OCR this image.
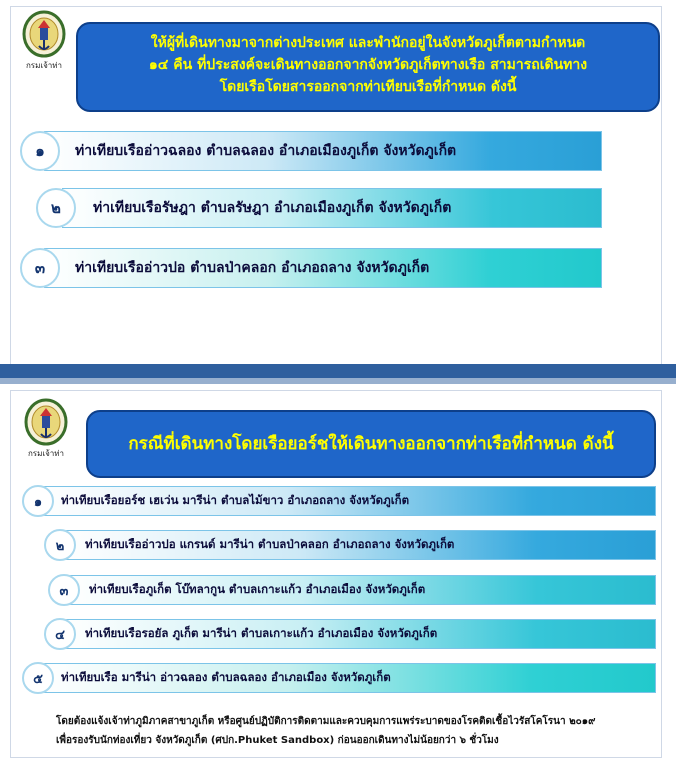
กรมเจ้าท่า
ให้ผู้ที่เดินทางมาจากต่างประเทศ และพำนักอยู่ในจังหวัดภูเก็ตตามกำหนด
๑๔ คืน ที่ประสงค์จะเดินทางออกจากจังหวัดภูเก็ตทางเรือ สามารถเดินทาง
โดยเรือโดยสารออกจากท่าเทียบเรือที่กำหนด ดังนี้
ท่าเทียบเรืออ่าวฉลอง ตำบลฉลอง อำเภอเมืองภูเก็ต จังหวัดภูเก็ต
๑
ท่าเทียบเรือรัษฎา ตำบลรัษฎา อำเภอเมืองภูเก็ต จังหวัดภูเก็ต
๒
ท่าเทียบเรืออ่าวปอ ตำบลป่าคลอก อำเภอถลาง จังหวัดภูเก็ต
๓
กรมเจ้าท่า	กรณีที่เดินทางโดยเรือยอร์ชให้เดินทางออกจากท่าเรือที่กำหนด ดังนี้
ท่าเทียบเรือยอร์ช เฮเว่น มารีน่า ตำบลไม้ขาว อำเภอถลาง จังหวัดภูเก็ต
๑
ท่าเทียบเรืออ่าวปอ แกรนด์ มารีน่า ตำบลป่าคลอก อำเภอถลาง จังหวัดภูเก็ต
๒
ท่าเทียบเรือภูเก็ต โบ๊ทลากูน ตำบลเกาะแก้ว อำเภอเมือง จังหวัดภูเก็ต
๓
ท่าเทียบเรือรอยัล ภูเก็ต มารีน่า ตำบลเกาะแก้ว อำเภอเมือง จังหวัดภูเก็ต
๔
ท่าเทียบเรือ มารีน่า อ่าวฉลอง ตำบลฉลอง อำเภอเมือง จังหวัดภูเก็ต
๕
โดยต้องแจ้งเจ้าท่าภูมิภาคสาขาภูเก็ต หรือศูนย์ปฏิบัติการติดตามและควบคุมการแพร่ระบาดของโรคติดเชื้อไวรัสโคโรนา ๒๐๑๙
เพื่อรองรับนักท่องเที่ยว จังหวัดภูเก็ต (ศปก.Phuket Sandbox) ก่อนออกเดินทางไม่น้อยกว่า ๖ ชั่วโมง
